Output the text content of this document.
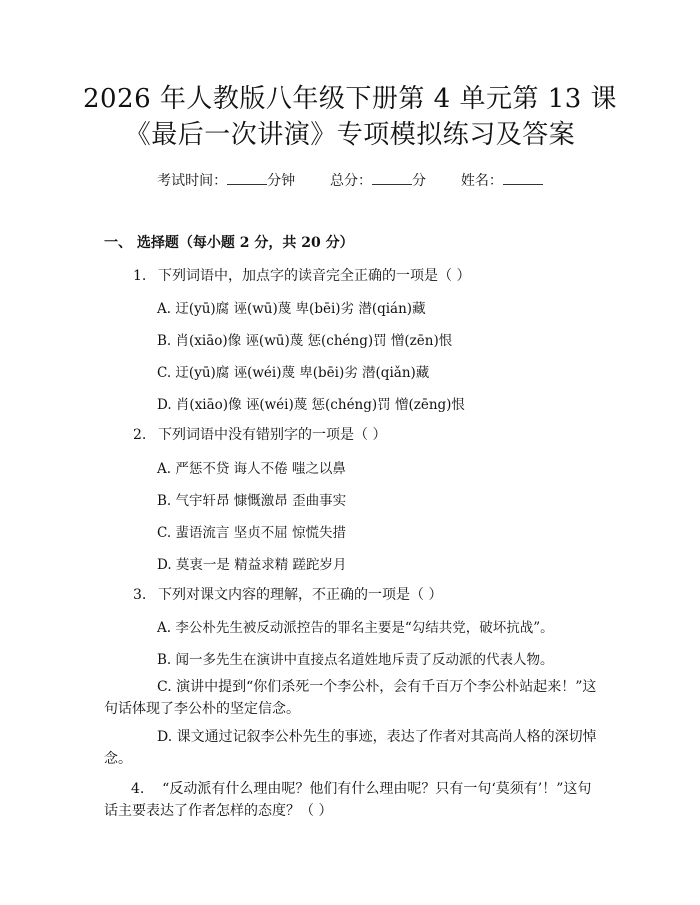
2026 年人教版八年级下册第 4 单元第 13 课
《最后一次讲演》专项模拟练习及答案
考试时间：	分钟 总分：	分 姓名：
一、 选择题（每小题 2 分，共 20 分）
1. 下列词语中，加点字的读音完全正确的一项是（ ）
A. 迂(yū)腐 诬(wū)蔑 卑(bēi)劣 潜(qián)藏
B. 肖(xiāo)像 诬(wū)蔑 惩(chéng)罚 憎(zēn)恨
C. 迂(yū)腐 诬(wéi)蔑 卑(bēi)劣 潜(qiǎn)藏
D. 肖(xiāo)像 诬(wéi)蔑 惩(chéng)罚 憎(zēng)恨
2. 下列词语中没有错别字的一项是（ ）
A. 严惩不贷 诲人不倦 嗤之以鼻
B. 气宇轩昂 慷慨激昂 歪曲事实
C. 蜚语流言 坚贞不屈 惊慌失措
D. 莫衷一是 精益求精 蹉跎岁月
3. 下列对课文内容的理解，不正确的一项是（ ）
A. 李公朴先生被反动派控告的罪名主要是“勾结共党，破坏抗战”。
B. 闻一多先生在演讲中直接点名道姓地斥责了反动派的代表人物。
C. 演讲中提到“你们杀死一个李公朴，会有千百万个李公朴站起来！”这句话体现了李公朴的坚定信念。
D. 课文通过记叙李公朴先生的事迹，表达了作者对其高尚人格的深切悼念。
4. “反动派有什么理由呢？他们有什么理由呢？只有一句‘莫须有’！”这句话主要表达了作者怎样的态度？（ ）
